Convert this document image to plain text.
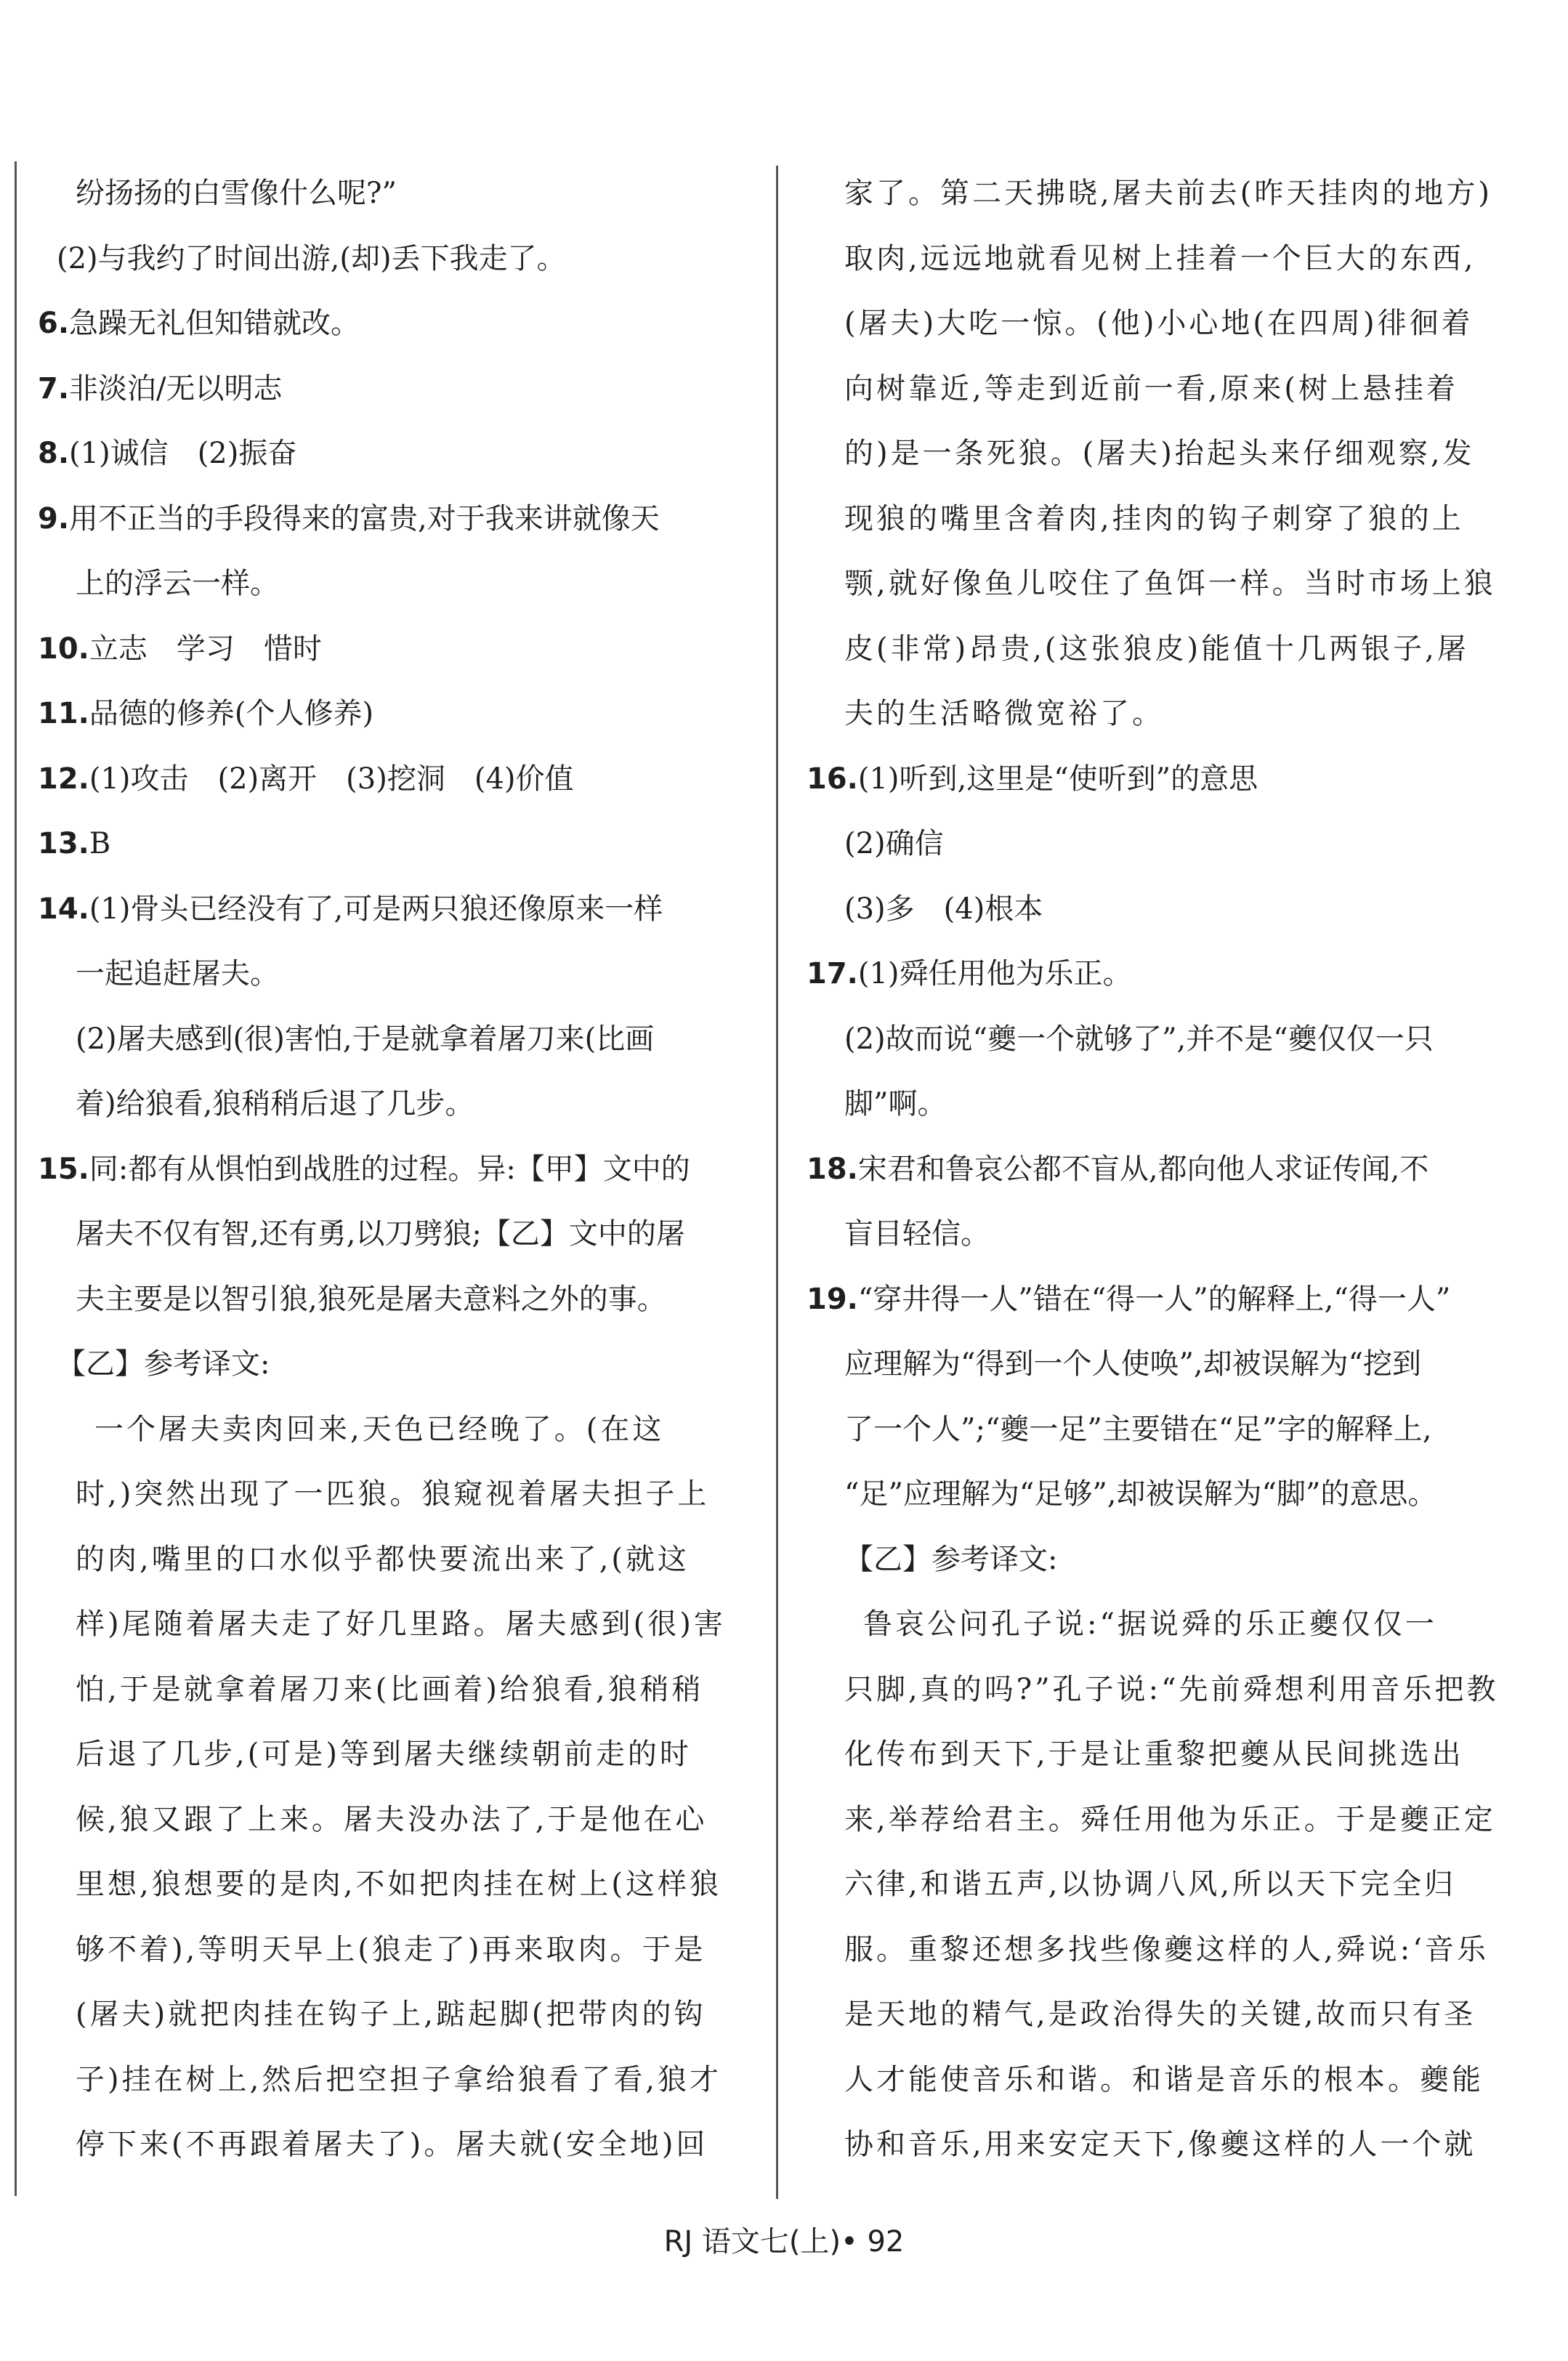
纷扬扬的白雪像什么呢?”
(2)与我约了时间出游,(却)丢下我走了。
6.急躁无礼但知错就改。
7.非淡泊/无以明志
8.(1)诚信　(2)振奋
9.用不正当的手段得来的富贵,对于我来讲就像天
上的浮云一样。
10.立志　学习　惜时
11.品德的修养(个人修养)
12.(1)攻击　(2)离开　(3)挖洞　(4)价值
13.B
14.(1)骨头已经没有了,可是两只狼还像原来一样
一起追赶屠夫。
(2)屠夫感到(很)害怕,于是就拿着屠刀来(比画
着)给狼看,狼稍稍后退了几步。
15.同:都有从惧怕到战胜的过程。异:【甲】文中的
屠夫不仅有智,还有勇,以刀劈狼;【乙】文中的屠
夫主要是以智引狼,狼死是屠夫意料之外的事。
【乙】参考译文:
一个屠夫卖肉回来,天色已经晚了。(在这
时,)突然出现了一匹狼。狼窥视着屠夫担子上
的肉,嘴里的口水似乎都快要流出来了,(就这
样)尾随着屠夫走了好几里路。屠夫感到(很)害
怕,于是就拿着屠刀来(比画着)给狼看,狼稍稍
后退了几步,(可是)等到屠夫继续朝前走的时
候,狼又跟了上来。屠夫没办法了,于是他在心
里想,狼想要的是肉,不如把肉挂在树上(这样狼
够不着),等明天早上(狼走了)再来取肉。于是
(屠夫)就把肉挂在钩子上,踮起脚(把带肉的钩
子)挂在树上,然后把空担子拿给狼看了看,狼才
停下来(不再跟着屠夫了)。屠夫就(安全地)回
家了。第二天拂晓,屠夫前去(昨天挂肉的地方)
取肉,远远地就看见树上挂着一个巨大的东西,
(屠夫)大吃一惊。(他)小心地(在四周)徘徊着
向树靠近,等走到近前一看,原来(树上悬挂着
的)是一条死狼。(屠夫)抬起头来仔细观察,发
现狼的嘴里含着肉,挂肉的钩子刺穿了狼的上
颚,就好像鱼儿咬住了鱼饵一样。当时市场上狼
皮(非常)昂贵,(这张狼皮)能值十几两银子,屠
夫的生活略微宽裕了。
16.(1)听到,这里是“使听到”的意思
(2)确信
(3)多　(4)根本
17.(1)舜任用他为乐正。
(2)故而说“夔一个就够了”,并不是“夔仅仅一只
脚”啊。
18.宋君和鲁哀公都不盲从,都向他人求证传闻,不
盲目轻信。
19.“穿井得一人”错在“得一人”的解释上,“得一人”
应理解为“得到一个人使唤”,却被误解为“挖到
了一个人”;“夔一足”主要错在“足”字的解释上,
“足”应理解为“足够”,却被误解为“脚”的意思。
【乙】参考译文:
鲁哀公问孔子说:“据说舜的乐正夔仅仅一
只脚,真的吗?”孔子说:“先前舜想利用音乐把教
化传布到天下,于是让重黎把夔从民间挑选出
来,举荐给君主。舜任用他为乐正。于是夔正定
六律,和谐五声,以协调八风,所以天下完全归
服。重黎还想多找些像夔这样的人,舜说:‘音乐
是天地的精气,是政治得失的关键,故而只有圣
人才能使音乐和谐。和谐是音乐的根本。夔能
协和音乐,用来安定天下,像夔这样的人一个就
RJ 语文七(上)• 92
